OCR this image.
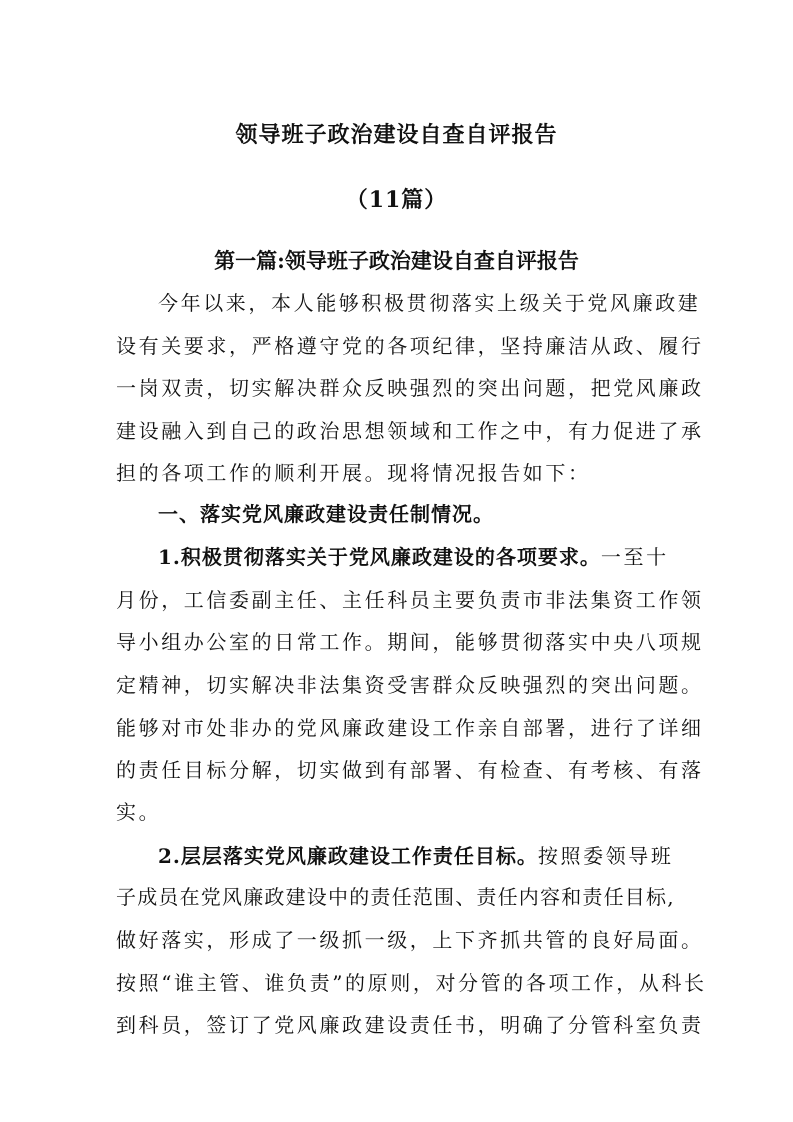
领导班子政治建设自查自评报告
（11篇）
第一篇:领导班子政治建设自查自评报告
今年以来，本人能够积极贯彻落实上级关于党风廉政建
设有关要求，严格遵守党的各项纪律，坚持廉洁从政、履行
一岗双责，切实解决群众反映强烈的突出问题，把党风廉政
建设融入到自己的政治思想领域和工作之中，有力促进了承
担的各项工作的顺利开展。现将情况报告如下：
一、落实党风廉政建设责任制情况。
1.积极贯彻落实关于党风廉政建设的各项要求。一至十
月份，工信委副主任、主任科员主要负责市非法集资工作领
导小组办公室的日常工作。期间，能够贯彻落实中央八项规
定精神，切实解决非法集资受害群众反映强烈的突出问题。
能够对市处非办的党风廉政建设工作亲自部署，进行了详细
的责任目标分解，切实做到有部署、有检查、有考核、有落
实。
2.层层落实党风廉政建设工作责任目标。按照委领导班
子成员在党风廉政建设中的责任范围、责任内容和责任目标,
做好落实，形成了一级抓一级，上下齐抓共管的良好局面。
按照“谁主管、谁负责”的原则，对分管的各项工作，从科长
到科员，签订了党风廉政建设责任书，明确了分管科室负责
